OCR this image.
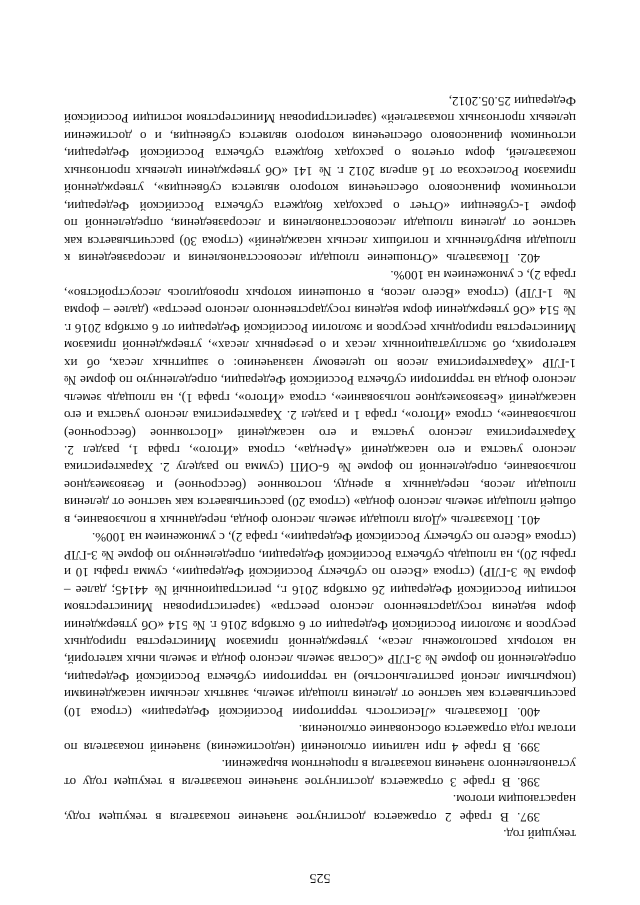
525

текущий год.

397. В графе 2 отражается достигнутое значение показателя в текущем году, нарастающим итогом.

398. В графе 3 отражается достигнутое значение показателя в текущем году от установленного значения показателя в процентном выражении.

399. В графе 4 при наличии отклонений (недостижения) значений показателя по итогам года отражается обоснование отклонения.

400. Показатель «Лесистость территории Российской Федерации» (строка 10) рассчитывается как частное от деления площади земель, занятых лесными насаждениями (покрытыми лесной растительностью) на территории субъекта Российской Федерации, определенной по форме № 3-ГЛР «Состав земель лесного фонда и земель иных категорий, на которых расположены леса», утвержденной приказом Министерства природных ресурсов и экологии Российской Федерации от 6 октября 2016 г. № 514 «Об утверждении форм ведения государственного лесного реестра» (зарегистрирован Министерством юстиции Российской Федерации 26 октября 2016 г., регистрационный № 44145; далее – форма № 3-ГЛР) (строка «Всего по субъекту Российской Федерации», сумма графы 10 и графы 20), на площадь субъекта Российской Федерации, определенную по форме № 3-ГЛР (строка «Всего по субъекту Российской Федерации», графа 2), с умножением на 100%.

401. Показатель «Доля площади земель лесного фонда, переданных в пользование, в общей площади земель лесного фонда» (строка 20) рассчитывается как частное от деления площади лесов, переданных в аренду, постоянное (бессрочное) и безвозмездное пользование, определенной по форме № 6-ОИП (сумма по разделу 2. Характеристика лесного участка и его насаждений «Аренда», строка «Итого», графа 1, раздел 2. Характеристика лесного участка и его насаждений «Постоянное (бессрочное) пользование», строка «Итого», графа 1 и раздел 2. Характеристика лесного участка и его насаждений «Безвозмездное пользование», строка «Итого», графа 1), на площадь земель лесного фонда на территории субъекта Российской Федерации, определенную по форме № 1-ГЛР «Характеристика лесов по целевому назначению: о защитных лесах, об их категориях, об эксплуатационных лесах и о резервных лесах», утвержденной приказом Министерства природных ресурсов и экологии Российской Федерации от 6 октября 2016 г. № 514 «Об утверждении форм ведения государственного лесного реестра» (далее – форма № 1-ГЛР) (строка «Всего лесов, в отношении которых проводилось лесоустройство», графа 2), с умножением на 100%.

402. Показатель «Отношение площади лесовосстановления и лесоразведения к площади вырубленных и погибших лесных насаждений» (строка 30) рассчитывается как частное от деления площади лесовосстановления и лесоразведения, определенной по форме 1-субвенции «Отчет о расходах бюджета субъекта Российской Федерации, источником финансового обеспечения которого является субвенция», утвержденной приказом Рослесхоза от 16 апреля 2012 г. № 141 «Об утверждении целевых прогнозных показателей, форм отчетов о расходах бюджета субъекта Российской Федерации, источником финансового обеспечения которого является субвенция, и о достижении целевых прогнозных показателей» (зарегистрирован Министерством юстиции Российской Федерации 25.05.2012,
